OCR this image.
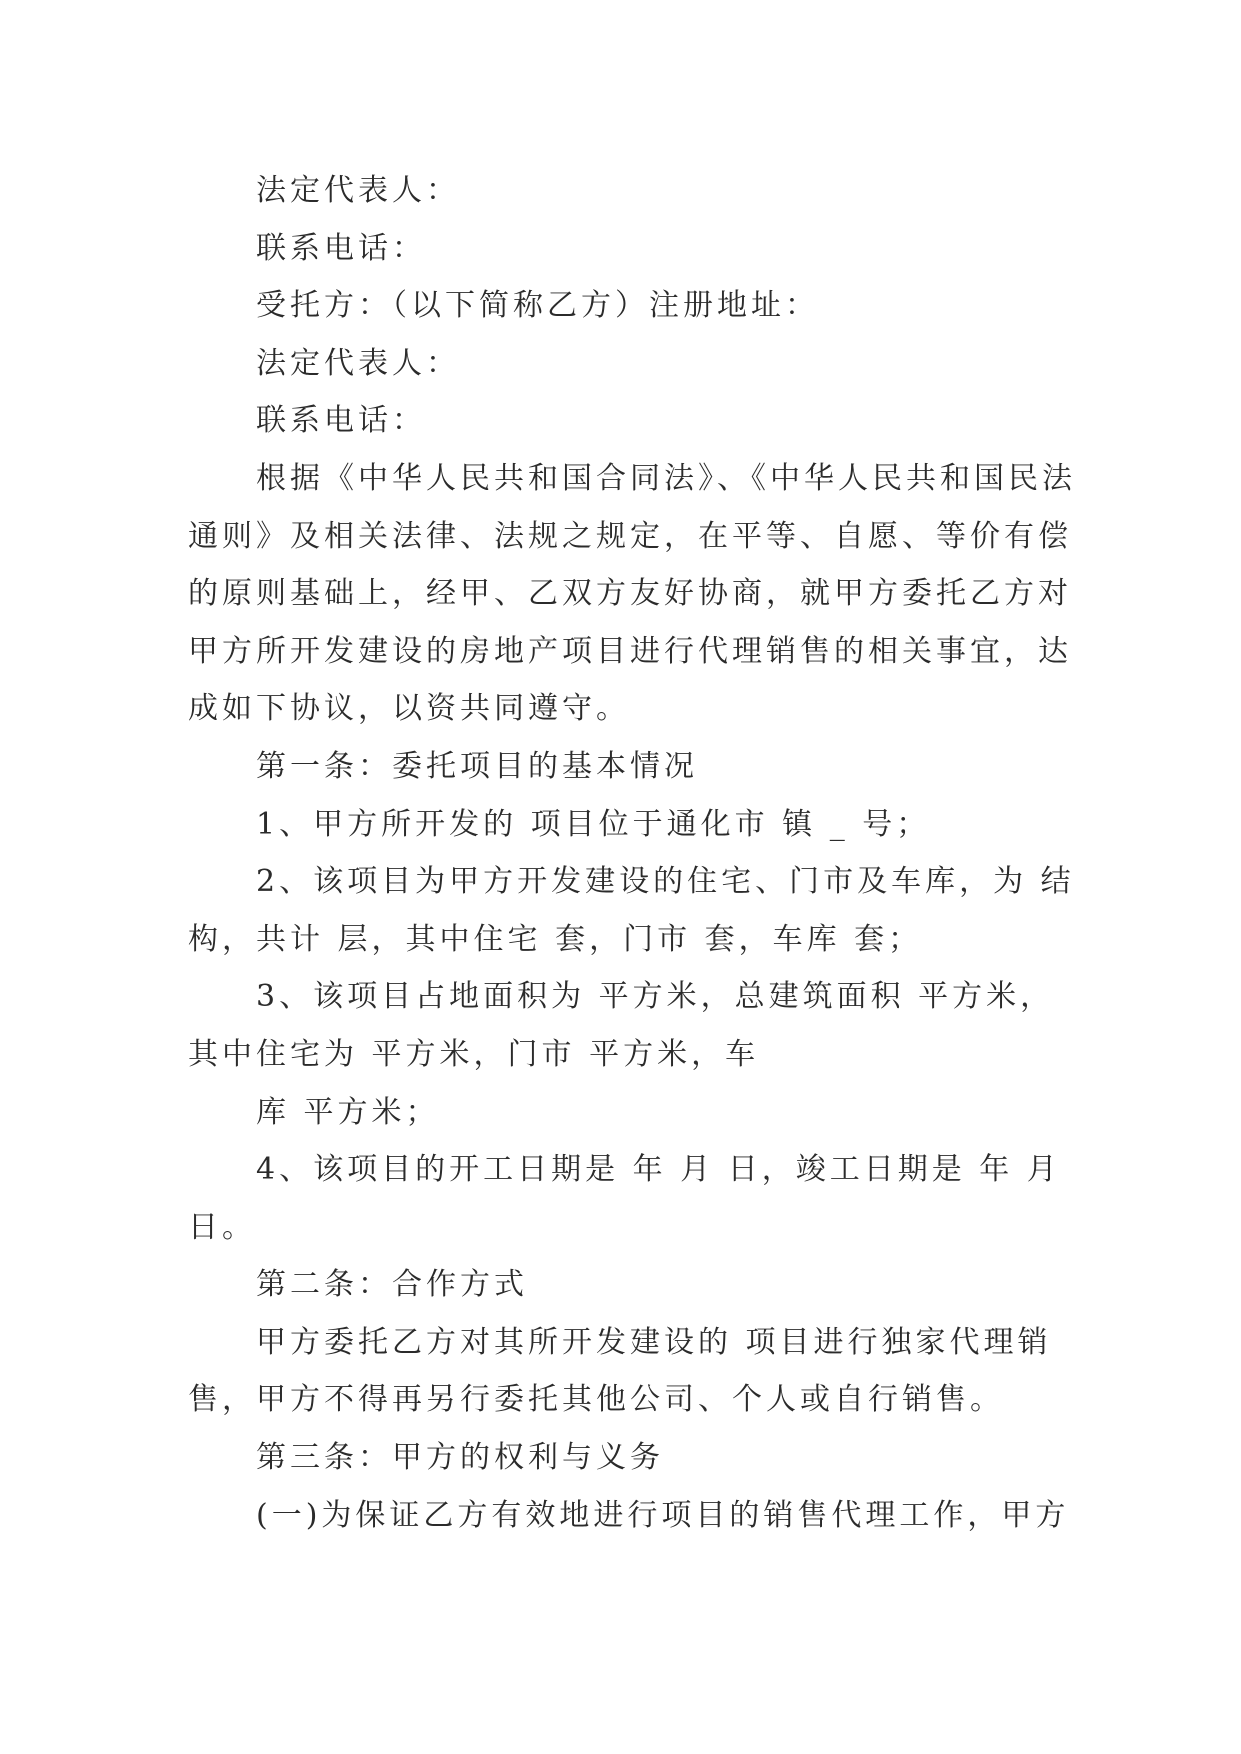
法定代表人：
联系电话：
受托方：（以下简称乙方）注册地址：
法定代表人：
联系电话：
根据《中华人民共和国合同法》、《中华人民共和国民法
通则》及相关法律、法规之规定，在平等、自愿、等价有偿
的原则基础上，经甲、乙双方友好协商，就甲方委托乙方对
甲方所开发建设的房地产项目进行代理销售的相关事宜，达
成如下协议，以资共同遵守。
第一条：委托项目的基本情况
1、甲方所开发的 项目位于通化市 镇 _ 号；
2、该项目为甲方开发建设的住宅、门市及车库，为 结
构，共计 层，其中住宅 套，门市 套，车库 套；
3、该项目占地面积为 平方米，总建筑面积 平方米，
其中住宅为 平方米，门市 平方米，车
库 平方米；
4、该项目的开工日期是 年 月 日，竣工日期是 年 月
日。
第二条：合作方式
甲方委托乙方对其所开发建设的 项目进行独家代理销
售，甲方不得再另行委托其他公司、个人或自行销售。
第三条：甲方的权利与义务
(一)为保证乙方有效地进行项目的销售代理工作，甲方
